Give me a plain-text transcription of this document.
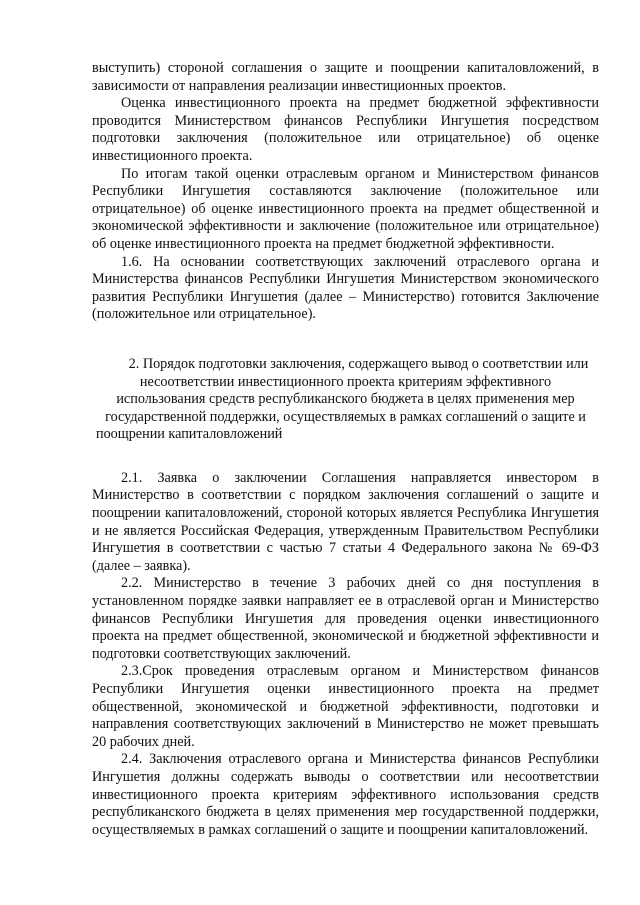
выступить) стороной соглашения о защите и поощрении капиталовложений, в зависимости от направления реализации инвестиционных проектов.

Оценка инвестиционного проекта на предмет бюджетной эффективности проводится Министерством финансов Республики Ингушетия посредством подготовки заключения (положительное или отрицательное) об оценке инвестиционного проекта.

По итогам такой оценки отраслевым органом и Министерством финансов Республики Ингушетия составляются заключение (положительное или отрицательное) об оценке инвестиционного проекта на предмет общественной и экономической эффективности и заключение (положительное или отрицательное) об оценке инвестиционного проекта на предмет бюджетной эффективности.

1.6. На основании соответствующих заключений отраслевого органа и Министерства финансов Республики Ингушетия Министерством экономического развития Республики Ингушетия (далее – Министерство) готовится Заключение (положительное или отрицательное).

2. Порядок подготовки заключения, содержащего вывод о соответствии или несоответствии инвестиционного проекта критериям эффективного использования средств республиканского бюджета в целях применения мер государственной поддержки, осуществляемых в рамках соглашений о защите и поощрении капиталовложений

2.1. Заявка о заключении Соглашения направляется инвестором в Министерство в соответствии с порядком заключения соглашений о защите и поощрении капиталовложений, стороной которых является Республика Ингушетия и не является Российская Федерация, утвержденным Правительством Республики Ингушетия в соответствии с частью 7 статьи 4 Федерального закона № 69-ФЗ (далее – заявка).

2.2. Министерство в течение 3 рабочих дней со дня поступления в установленном порядке заявки направляет ее в отраслевой орган и Министерство финансов Республики Ингушетия для проведения оценки инвестиционного проекта на предмет общественной, экономической и бюджетной эффективности и подготовки соответствующих заключений.

2.3.Срок проведения отраслевым органом и Министерством финансов Республики Ингушетия оценки инвестиционного проекта на предмет общественной, экономической и бюджетной эффективности, подготовки и направления соответствующих заключений в Министерство не может превышать 20 рабочих дней.

2.4. Заключения отраслевого органа и Министерства финансов Республики Ингушетия должны содержать выводы о соответствии или несоответствии инвестиционного проекта критериям эффективного использования средств республиканского бюджета в целях применения мер государственной поддержки, осуществляемых в рамках соглашений о защите и поощрении капиталовложений.
